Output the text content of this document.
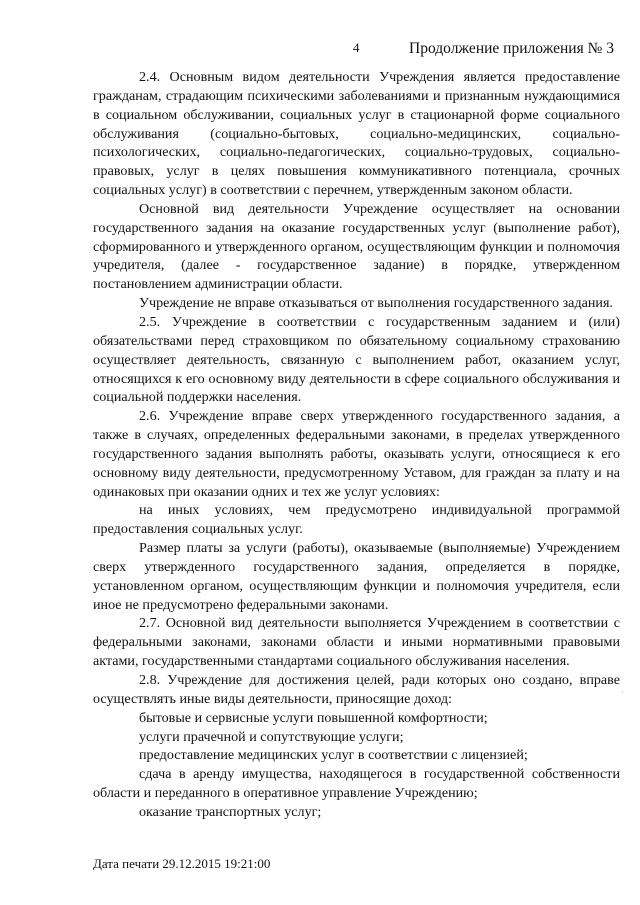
4	Продолжение приложения № 3

2.4. Основным видом деятельности Учреждения является предоставление гражданам, страдающим психическими заболеваниями и признанным нуждающимися в социальном обслуживании, социальных услуг в стационарной форме социального обслуживания (социально-бытовых, социально-медицинских, социально-психологических, социально-педагогических, социально-трудовых, социально-правовых, услуг в целях повышения коммуникативного потенциала, срочных социальных услуг) в соответствии с перечнем, утвержденным законом области.

Основной вид деятельности Учреждение осуществляет на основании государственного задания на оказание государственных услуг (выполнение работ), сформированного и утвержденного органом, осуществляющим функции и полномочия учредителя, (далее - государственное задание) в порядке, утвержденном постановлением администрации области.

Учреждение не вправе отказываться от выполнения государственного задания.

2.5. Учреждение в соответствии с государственным заданием и (или) обязательствами перед страховщиком по обязательному социальному страхованию осуществляет деятельность, связанную с выполнением работ, оказанием услуг, относящихся к его основному виду деятельности в сфере социального обслуживания и социальной поддержки населения.

2.6. Учреждение вправе сверх утвержденного государственного задания, а также в случаях, определенных федеральными законами, в пределах утвержденного государственного задания выполнять работы, оказывать услуги, относящиеся к его основному виду деятельности, предусмотренному Уставом, для граждан за плату и на одинаковых при оказании одних и тех же услуг условиях:

на иных условиях, чем предусмотрено индивидуальной программой предоставления социальных услуг.

Размер платы за услуги (работы), оказываемые (выполняемые) Учреждением сверх утвержденного государственного задания, определяется в порядке, установленном органом, осуществляющим функции и полномочия учредителя, если иное не предусмотрено федеральными законами.

2.7. Основной вид деятельности выполняется Учреждением в соответствии с федеральными законами, законами области и иными нормативными правовыми актами, государственными стандартами социального обслуживания населения.

2.8. Учреждение для достижения целей, ради которых оно создано, вправе осуществлять иные виды деятельности, приносящие доход:

бытовые и сервисные услуги повышенной комфортности;

услуги прачечной и сопутствующие услуги;

предоставление медицинских услуг в соответствии с лицензией;

сдача в аренду имущества, находящегося в государственной собственности области и переданного в оперативное управление Учреждению;

оказание транспортных услуг;

·
Дата печати 29.12.2015 19:21:00
